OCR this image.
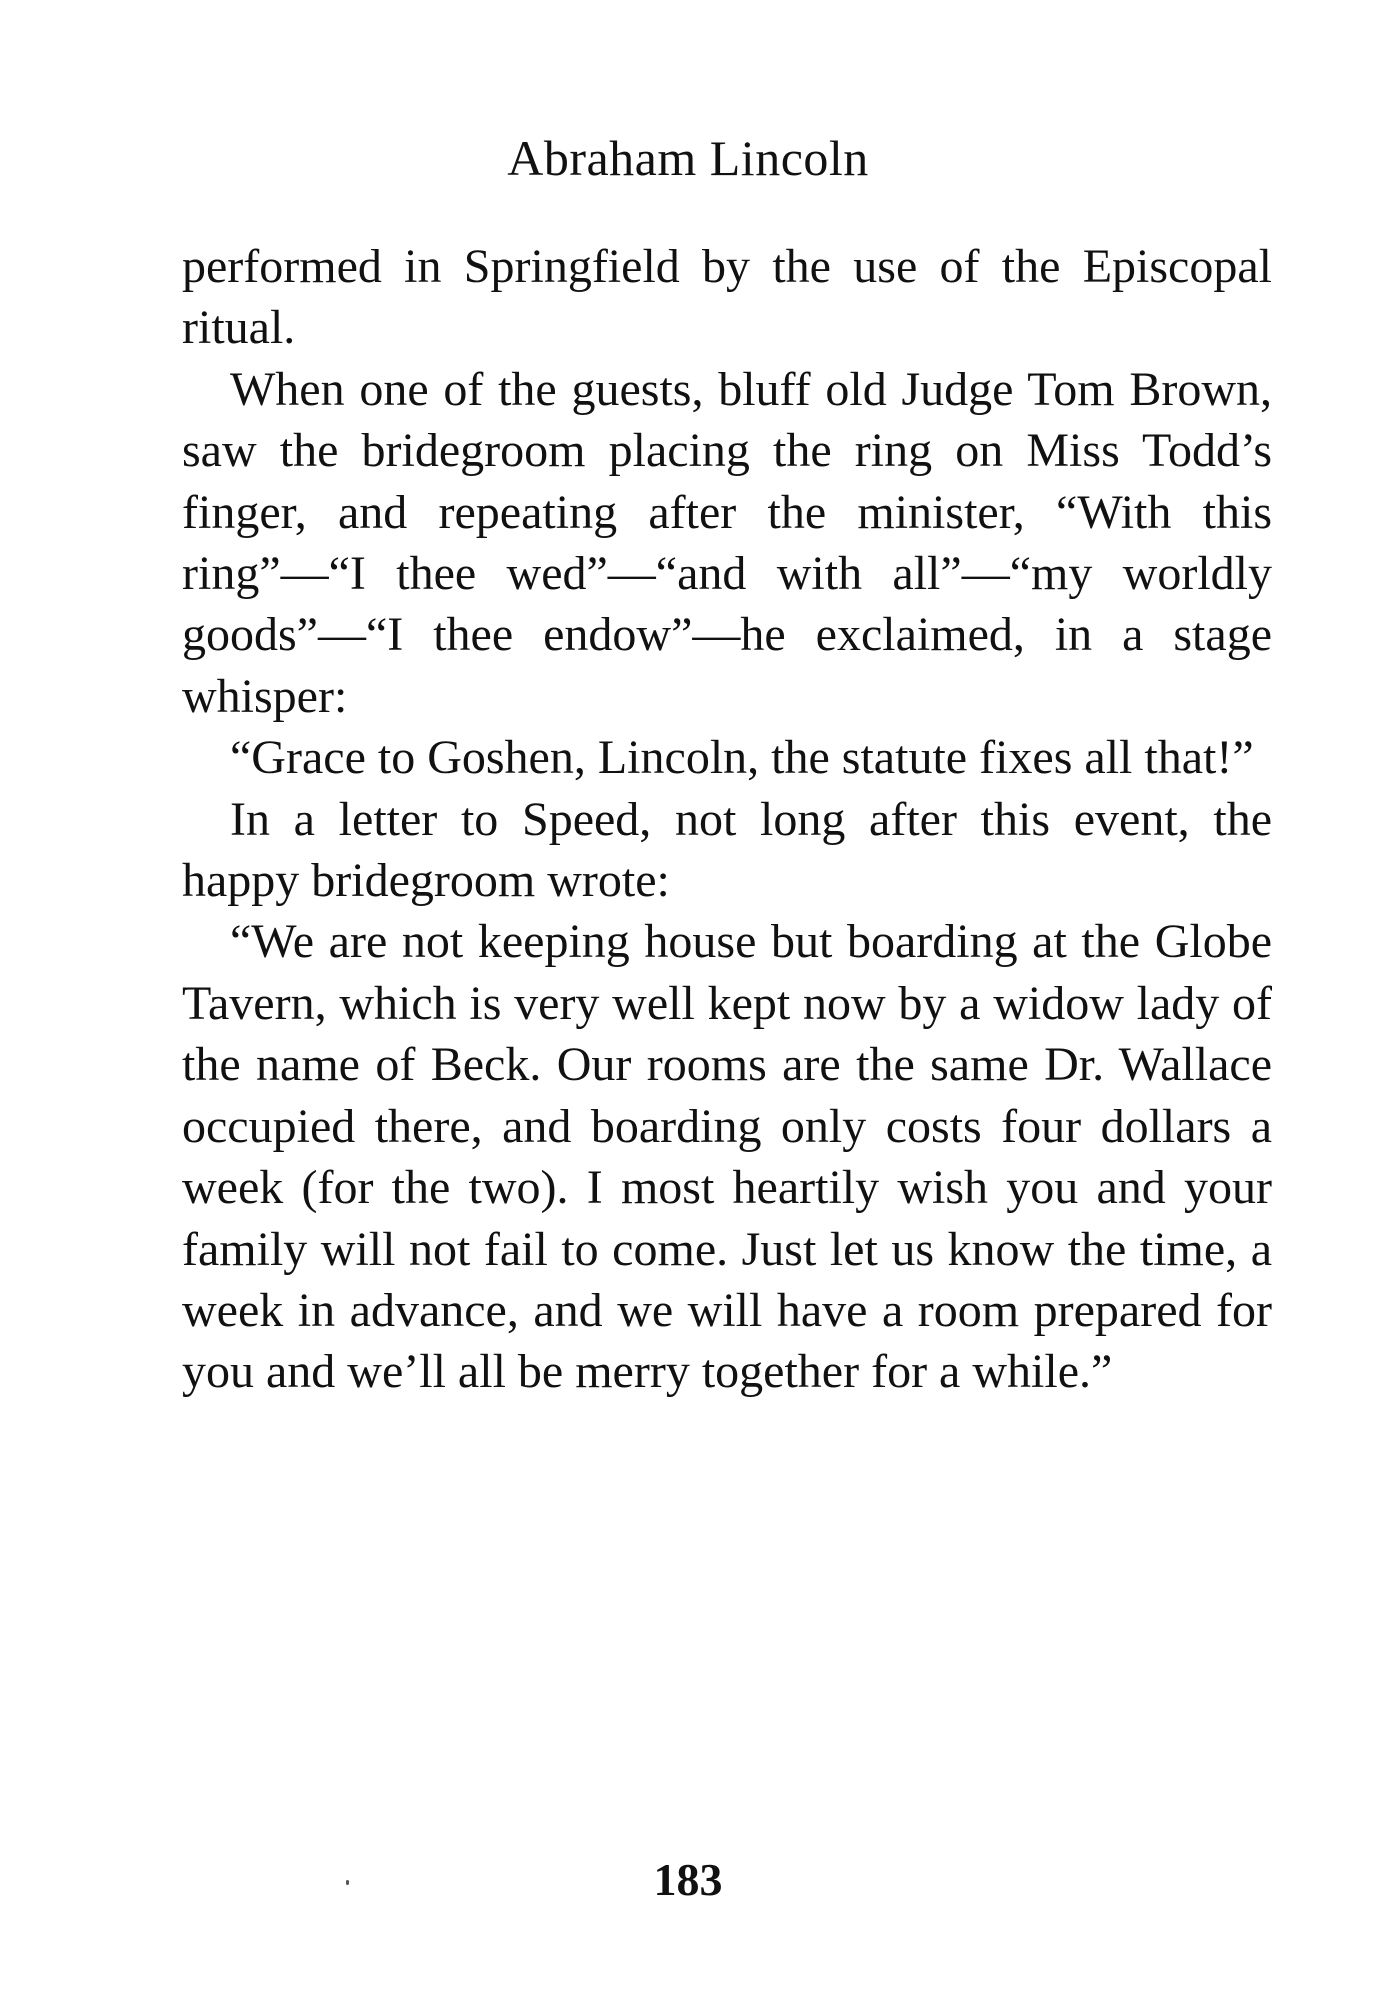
Abraham Lincoln

performed in Springfield by the use of the Episcopal ritual.

When one of the guests, bluff old Judge Tom Brown, saw the bridegroom placing the ring on Miss Todd’s finger, and repeating after the minister, “With this ring”—“I thee wed”—“and with all”—“my worldly goods”—“I thee endow”—he exclaimed, in a stage whisper:

“Grace to Goshen, Lincoln, the statute fixes all that!”

In a letter to Speed, not long after this event, the happy bridegroom wrote:

“We are not keeping house but boarding at the Globe Tavern, which is very well kept now by a widow lady of the name of Beck. Our rooms are the same Dr. Wallace occupied there, and boarding only costs four dollars a week (for the two). I most heartily wish you and your family will not fail to come. Just let us know the time, a week in advance, and we will have a room prepared for you and we’ll all be merry together for a while.”

183
